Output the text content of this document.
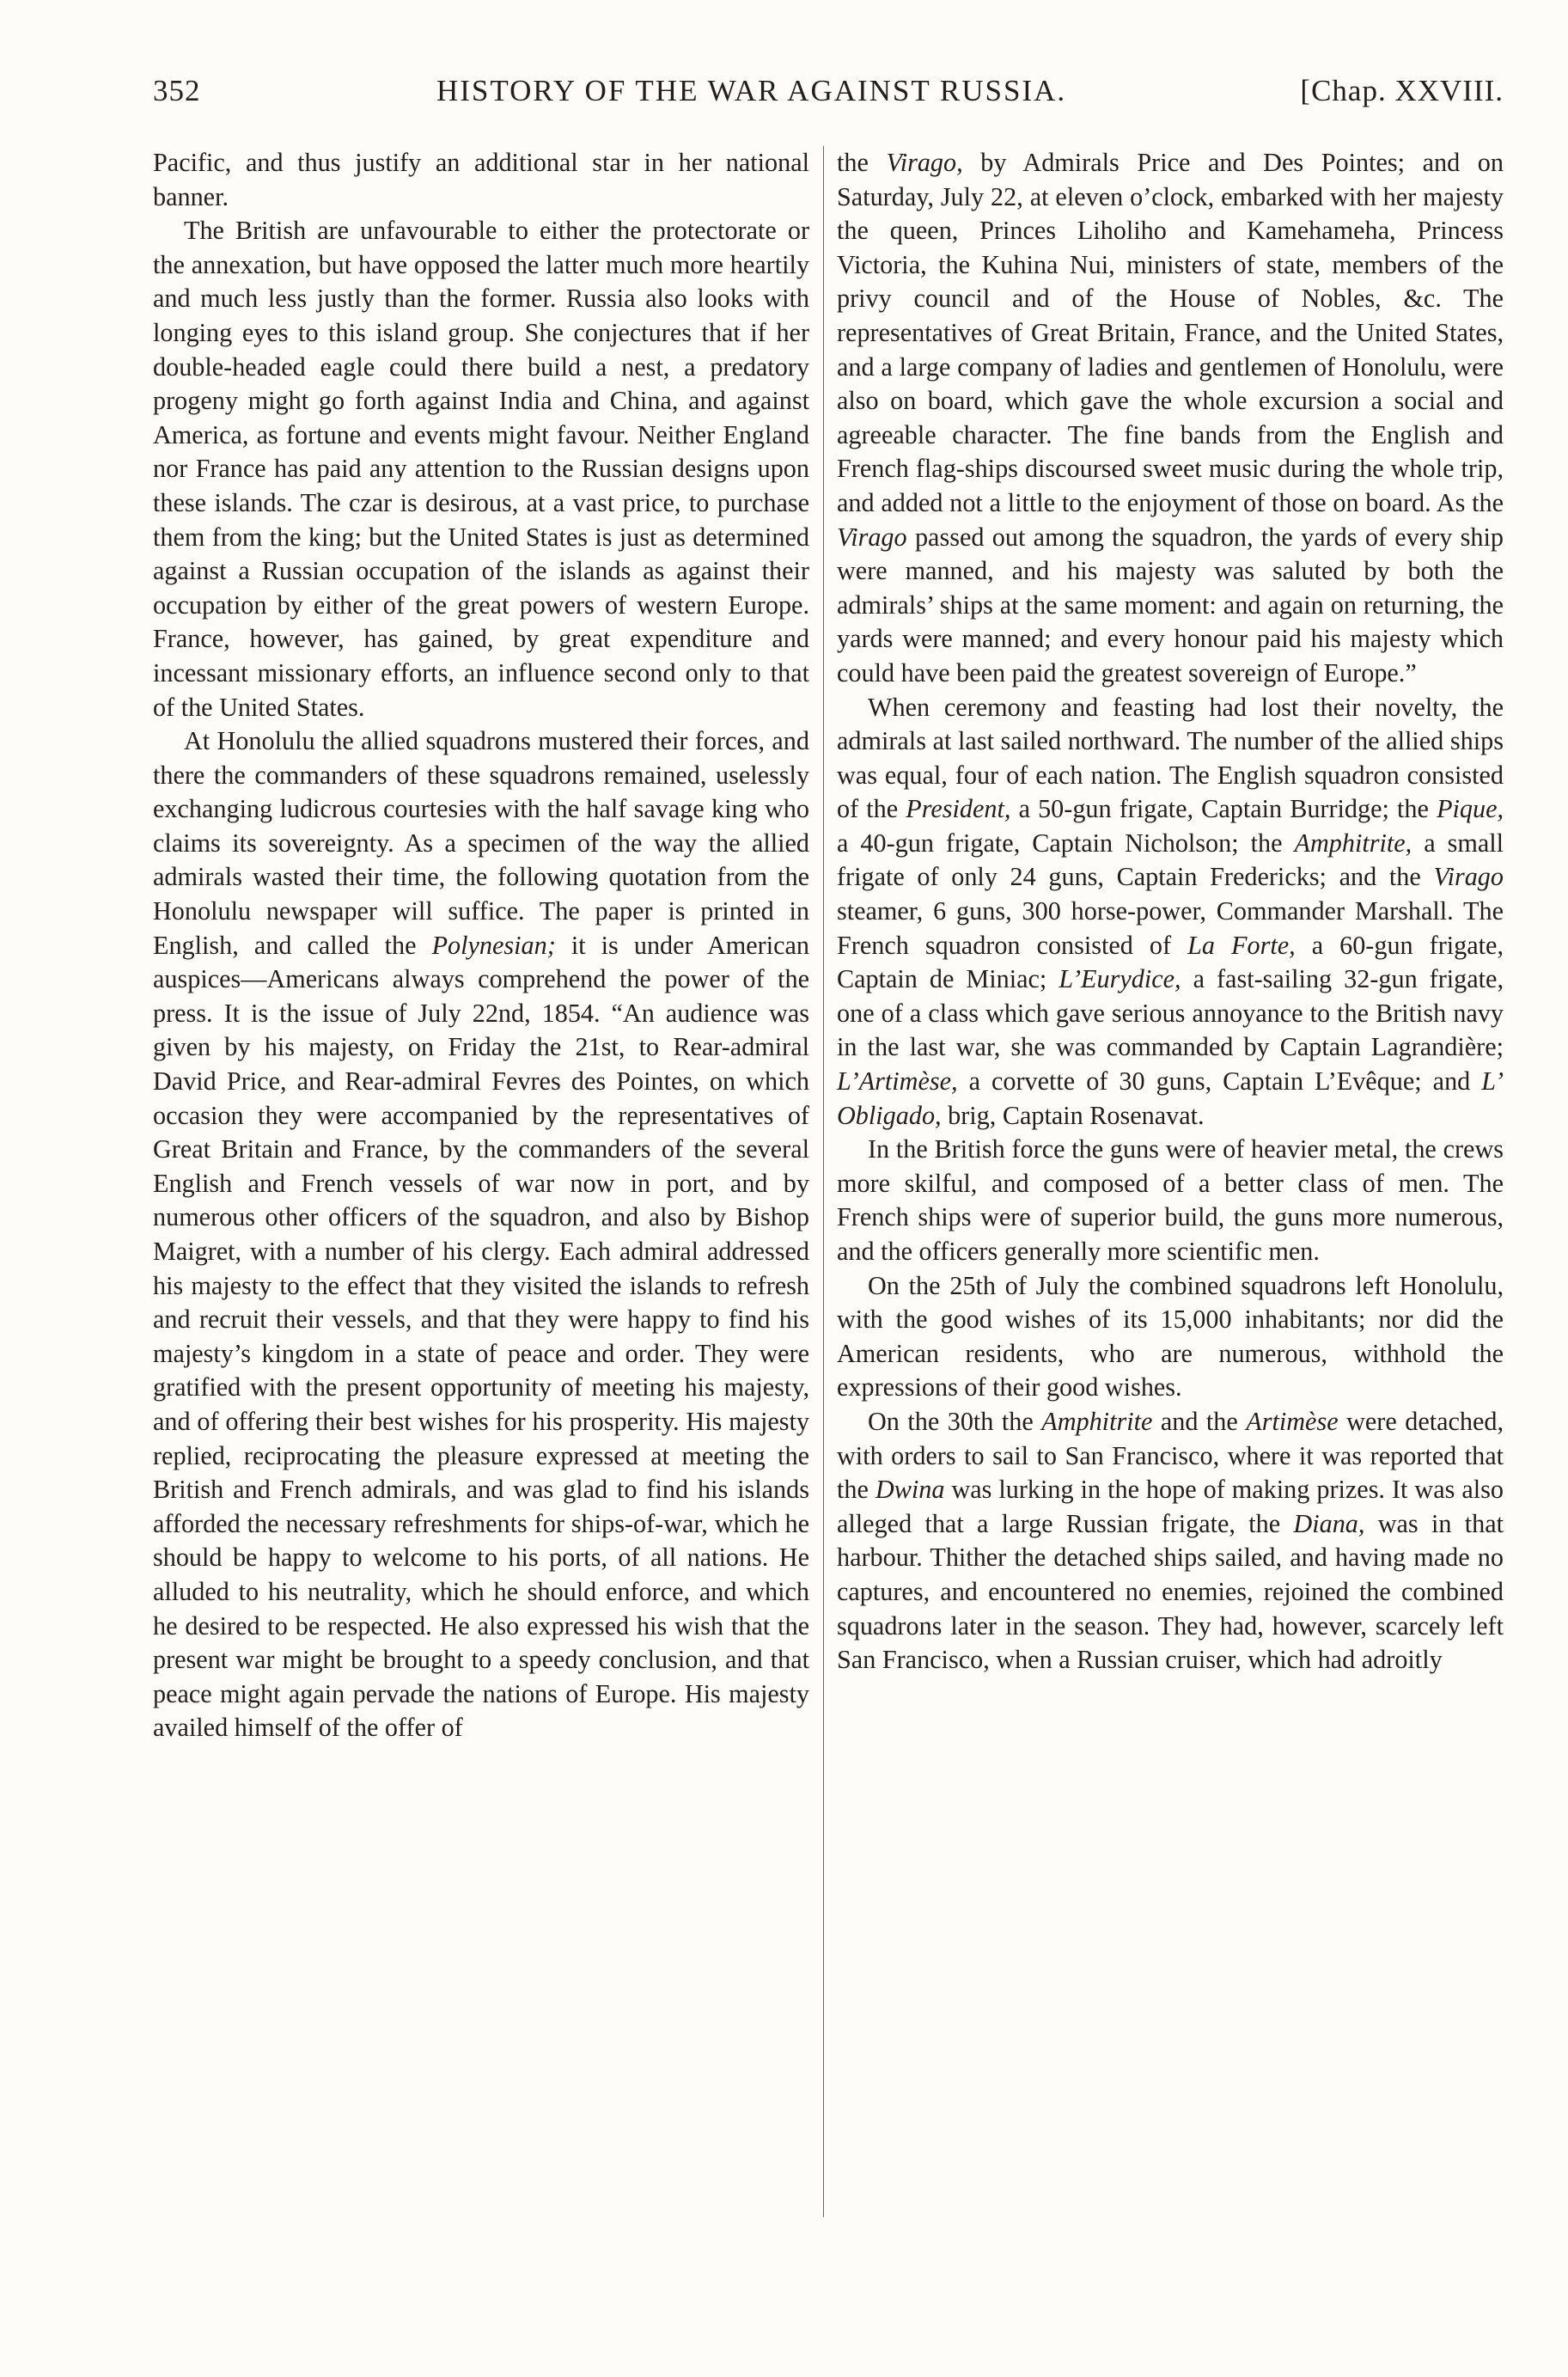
352	HISTORY OF THE WAR AGAINST RUSSIA.	[Chap. XXVIII.

Pacific, and thus justify an additional star in her national banner.

The British are unfavourable to either the protectorate or the annexation, but have opposed the latter much more heartily and much less justly than the former. Russia also looks with longing eyes to this island group. She conjectures that if her double-headed eagle could there build a nest, a predatory progeny might go forth against India and China, and against America, as fortune and events might favour. Neither England nor France has paid any attention to the Russian designs upon these islands. The czar is desirous, at a vast price, to purchase them from the king; but the United States is just as determined against a Russian occupation of the islands as against their occupation by either of the great powers of western Europe. France, however, has gained, by great expenditure and incessant missionary efforts, an influence second only to that of the United States.

At Honolulu the allied squadrons mustered their forces, and there the commanders of these squadrons remained, uselessly exchanging ludicrous courtesies with the half savage king who claims its sovereignty. As a specimen of the way the allied admirals wasted their time, the following quotation from the Honolulu newspaper will suffice. The paper is printed in English, and called the Polynesian; it is under American auspices—Americans always comprehend the power of the press. It is the issue of July 22nd, 1854. “An audience was given by his majesty, on Friday the 21st, to Rear-admiral David Price, and Rear-admiral Fevres des Pointes, on which occasion they were accompanied by the representatives of Great Britain and France, by the commanders of the several English and French vessels of war now in port, and by numerous other officers of the squadron, and also by Bishop Maigret, with a number of his clergy. Each admiral addressed his majesty to the effect that they visited the islands to refresh and recruit their vessels, and that they were happy to find his majesty’s kingdom in a state of peace and order. They were gratified with the present opportunity of meeting his majesty, and of offering their best wishes for his prosperity. His majesty replied, reciprocating the pleasure expressed at meeting the British and French admirals, and was glad to find his islands afforded the necessary refreshments for ships-of-war, which he should be happy to welcome to his ports, of all nations. He alluded to his neutrality, which he should enforce, and which he desired to be respected. He also expressed his wish that the present war might be brought to a speedy conclusion, and that peace might again pervade the nations of Europe. His majesty availed himself of the offer of

the Virago, by Admirals Price and Des Pointes; and on Saturday, July 22, at eleven o’clock, embarked with her majesty the queen, Princes Liholiho and Kamehameha, Princess Victoria, the Kuhina Nui, ministers of state, members of the privy council and of the House of Nobles, &c. The representatives of Great Britain, France, and the United States, and a large company of ladies and gentlemen of Honolulu, were also on board, which gave the whole excursion a social and agreeable character. The fine bands from the English and French flag-ships discoursed sweet music during the whole trip, and added not a little to the enjoyment of those on board. As the Virago passed out among the squadron, the yards of every ship were manned, and his majesty was saluted by both the admirals’ ships at the same moment: and again on returning, the yards were manned; and every honour paid his majesty which could have been paid the greatest sovereign of Europe.”

When ceremony and feasting had lost their novelty, the admirals at last sailed northward. The number of the allied ships was equal, four of each nation. The English squadron consisted of the President, a 50-gun frigate, Captain Burridge; the Pique, a 40-gun frigate, Captain Nicholson; the Amphitrite, a small frigate of only 24 guns, Captain Fredericks; and the Virago steamer, 6 guns, 300 horse-power, Commander Marshall. The French squadron consisted of La Forte, a 60-gun frigate, Captain de Miniac; L’Eurydice, a fast-sailing 32-gun frigate, one of a class which gave serious annoyance to the British navy in the last war, she was commanded by Captain Lagrandière; L’Artimèse, a corvette of 30 guns, Captain L’Evêque; and L’ Obligado, brig, Captain Rosenavat.

In the British force the guns were of heavier metal, the crews more skilful, and composed of a better class of men. The French ships were of superior build, the guns more numerous, and the officers generally more scientific men.

On the 25th of July the combined squadrons left Honolulu, with the good wishes of its 15,000 inhabitants; nor did the American residents, who are numerous, withhold the expressions of their good wishes.

On the 30th the Amphitrite and the Artimèse were detached, with orders to sail to San Francisco, where it was reported that the Dwina was lurking in the hope of making prizes. It was also alleged that a large Russian frigate, the Diana, was in that harbour. Thither the detached ships sailed, and having made no captures, and encountered no enemies, rejoined the combined squadrons later in the season. They had, however, scarcely left San Francisco, when a Russian cruiser, which had adroitly
